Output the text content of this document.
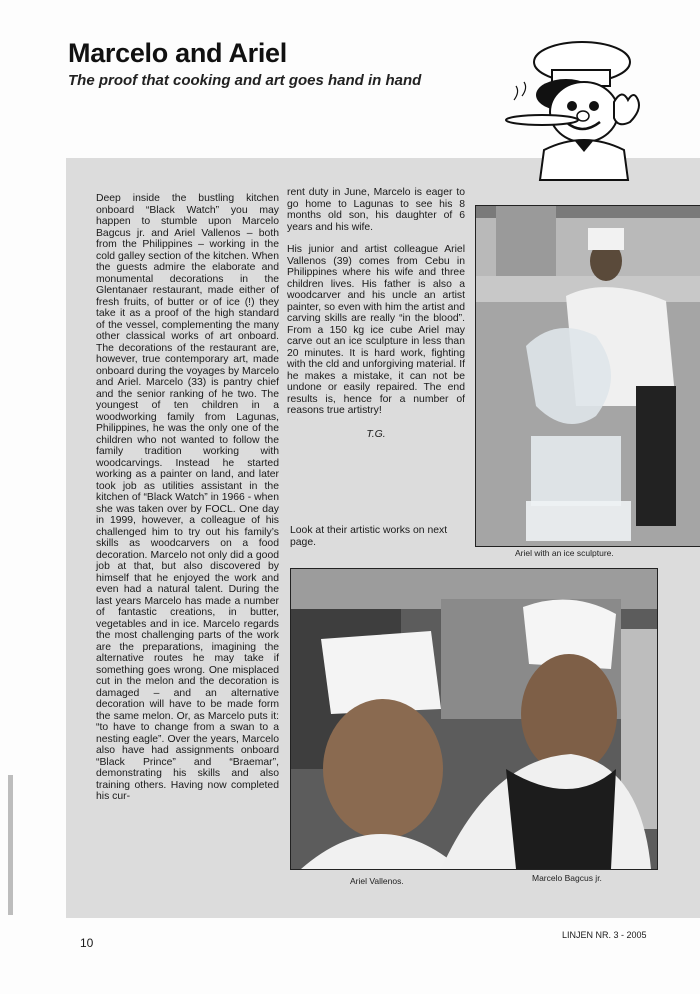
Marcelo and Ariel
The proof that cooking and art goes hand in hand

Deep inside the bustling kitchen onboard “Black Watch” you may happen to stumble upon Marcelo Bagcus jr. and Ariel Vallenos – both from the Philippines – working in the cold galley section of the kitchen. When the guests admire the elaborate and monumental decorations in the Glentanaer restaurant, made either of fresh fruits, of butter or of ice (!) they take it as a proof of the high standard of the vessel, complementing the many other classical works of art onboard. The decorations of the restaurant are, however, true contemporary art, made onboard during the voyages by Marcelo and Ariel. Marcelo (33) is pantry chief and the senior ranking of he two. The youngest of ten children in a woodworking family from Lagunas, Philippines, he was the only one of the children who not wanted to follow the family tradition working with woodcarvings. Instead he started working as a painter on land, and later took job as utilities assistant in the kitchen of “Black Watch” in 1966 - when she was taken over by FOCL. One day in 1999, however, a colleague of his challenged him to try out his family’s skills as woodcarvers on a food decoration. Marcelo not only did a good job at that, but also discovered by himself that he enjoyed the work and even had a natural talent. During the last years Marcelo has made a number of fantastic creations, in butter, vegetables and in ice. Marcelo regards the most challenging parts of the work are the preparations, imagining the alternative routes he may take if something goes wrong. One misplaced cut in the melon and the decoration is damaged – and an alternative decoration will have to be made form the same melon. Or, as Marcelo puts it: “to have to change from a swan to a nesting eagle”. Over the years, Marcelo also have had assignments onboard “Black Prince” and “Braemar”, demonstrating his skills and also training others. Having now completed his cur-

rent duty in June, Marcelo is eager to go home to Lagunas to see his 8 months old son, his daughter of 6 years and his wife.

His junior and artist colleague Ariel Vallenos (39) comes from Cebu in Philippines where his wife and three children lives. His father is also a woodcarver and his uncle an artist painter, so even with him the artist and carving skills are really “in the blood”. From a 150 kg ice cube Ariel may carve out an ice sculpture in less than 20 minutes. It is hard work, fighting with the cld and unforgiving material. If he makes a mistake, it can not be undone or easily repaired. The end results is, hence for a number of reasons true artistry!

T.G.

Look at their artistic works on next page.
Ariel with an ice sculpture.
Ariel Vallenos.	Marcelo Bagcus jr.
10
LINJEN NR. 3 - 2005
